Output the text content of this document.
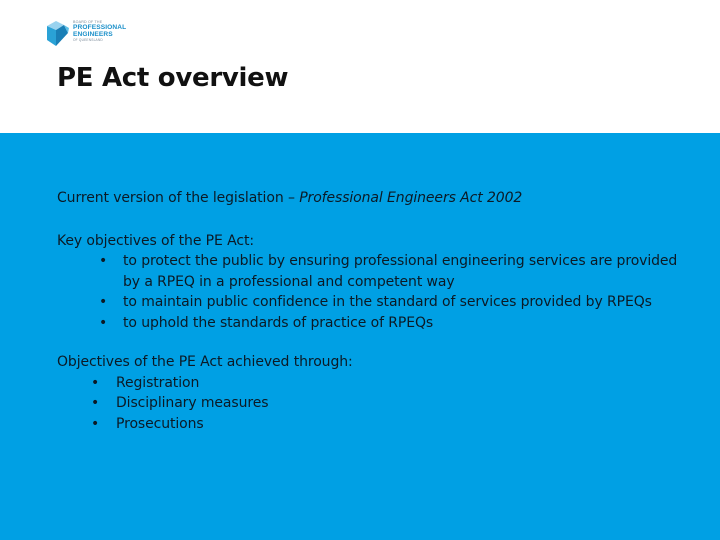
BOARD OF THE
PROFESSIONAL
ENGINEERS
OF QUEENSLAND
PE Act overview

Current version of the legislation – Professional Engineers Act 2002

Key objectives of the PE Act:

• to protect the public by ensuring professional engineering services are provided by a RPEQ in a professional and competent way
• to maintain public confidence in the standard of services provided by RPEQs
• to uphold the standards of practice of RPEQs

Objectives of the PE Act achieved through:

• Registration
• Disciplinary measures
• Prosecutions
